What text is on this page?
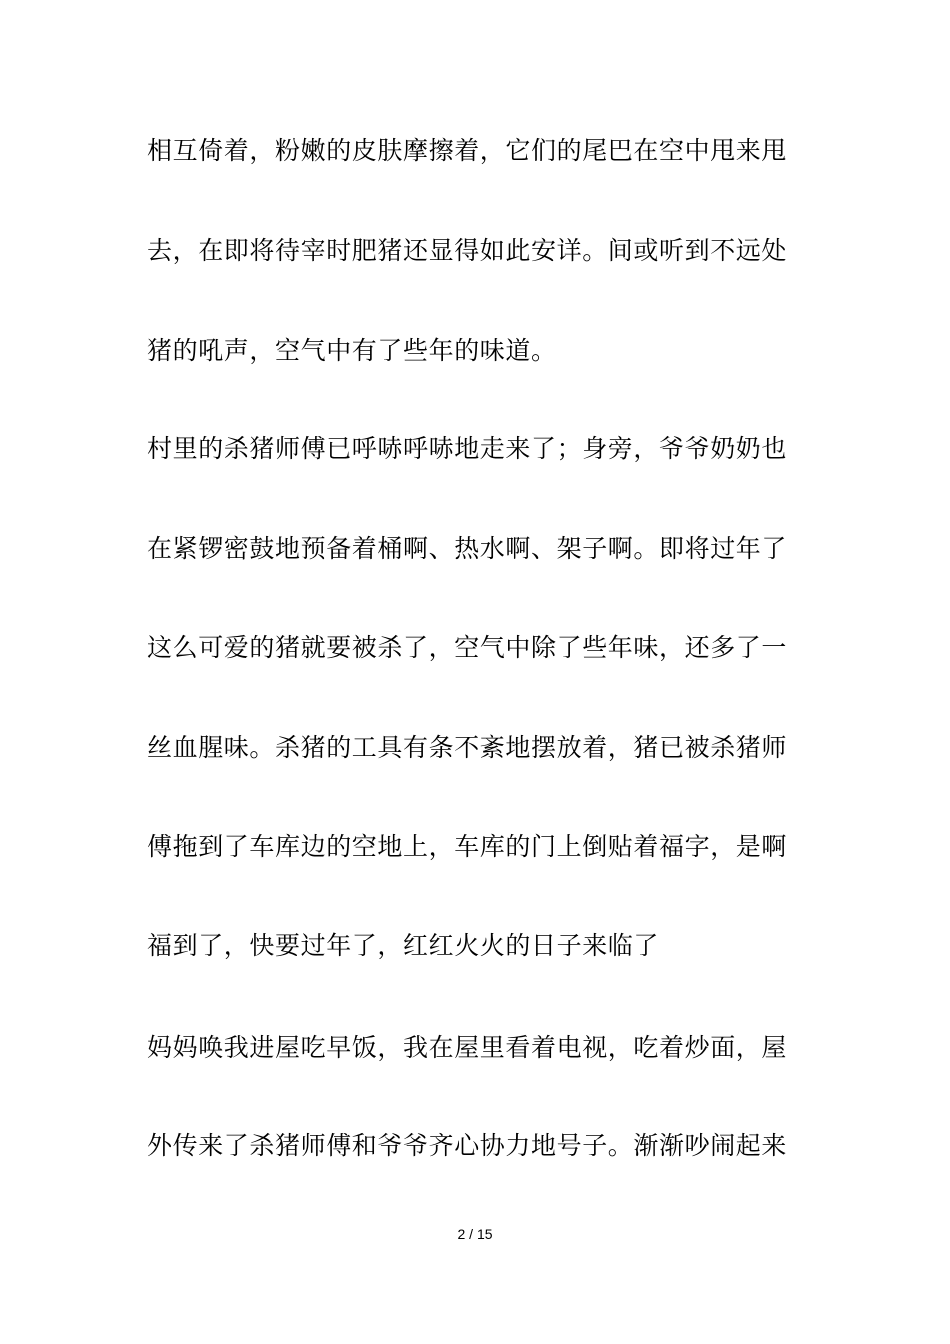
相互倚着，粉嫩的皮肤摩擦着，它们的尾巴在空中甩来甩
去，在即将待宰时肥猪还显得如此安详。间或听到不远处
猪的吼声，空气中有了些年的味道。
村里的杀猪师傅已呼哧呼哧地走来了；身旁，爷爷奶奶也
在紧锣密鼓地预备着桶啊、热水啊、架子啊。即将过年了
这么可爱的猪就要被杀了，空气中除了些年味，还多了一
丝血腥味。杀猪的工具有条不紊地摆放着，猪已被杀猪师
傅拖到了车库边的空地上，车库的门上倒贴着福字，是啊
福到了，快要过年了，红红火火的日子来临了
妈妈唤我进屋吃早饭，我在屋里看着电视，吃着炒面，屋
外传来了杀猪师傅和爷爷齐心协力地号子。渐渐吵闹起来
2 / 15
